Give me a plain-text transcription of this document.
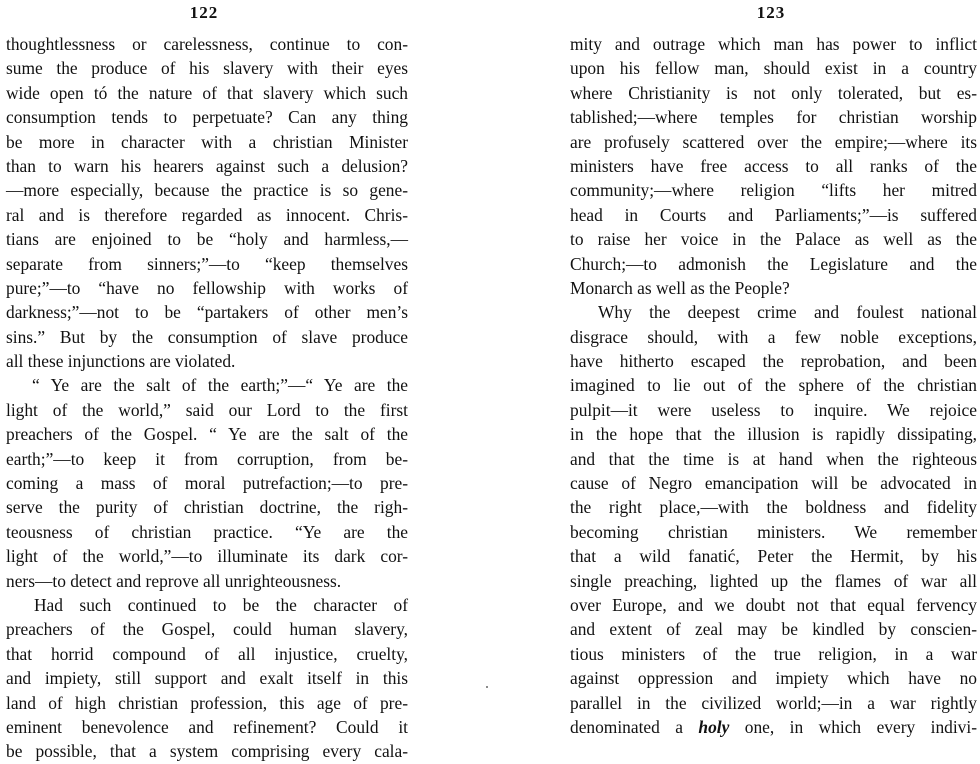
122
thoughtlessness or carelessness, continue to con-
sume the produce of his slavery with their eyes
wide open tó the nature of that slavery which such
consumption tends to perpetuate? Can any thing
be more in character with a christian Minister
than to warn his hearers against such a delusion?
—more especially, because the practice is so gene-
ral and is therefore regarded as innocent. Chris-
tians are enjoined to be “holy and harmless,—
separate from sinners;”—to “keep themselves
pure;”—to “have no fellowship with works of
darkness;”—not to be “partakers of other men’s
sins.” But by the consumption of slave produce
all these injunctions are violated.
“ Ye are the salt of the earth;”—“ Ye are the
light of the world,” said our Lord to the first
preachers of the Gospel. “ Ye are the salt of the
earth;”—to keep it from corruption, from be-
coming a mass of moral putrefaction;—to pre-
serve the purity of christian doctrine, the righ-
teousness of christian practice. “Ye are the
light of the world,”—to illuminate its dark cor-
ners—to detect and reprove all unrighteousness.
Had such continued to be the character of
preachers of the Gospel, could human slavery,
that horrid compound of all injustice, cruelty,
and impiety, still support and exalt itself in this
land of high christian profession, this age of pre-
eminent benevolence and refinement? Could it
be possible, that a system comprising every cala-
123
mity and outrage which man has power to inflict
upon his fellow man, should exist in a country
where Christianity is not only tolerated, but es-
tablished;—where temples for christian worship
are profusely scattered over the empire;—where its
ministers have free access to all ranks of the
community;—where religion “lifts her mitred
head in Courts and Parliaments;”—is suffered
to raise her voice in the Palace as well as the
Church;—to admonish the Legislature and the
Monarch as well as the People?
Why the deepest crime and foulest national
disgrace should, with a few noble exceptions,
have hitherto escaped the reprobation, and been
imagined to lie out of the sphere of the christian
pulpit—it were useless to inquire. We rejoice
in the hope that the illusion is rapidly dissipating,
and that the time is at hand when the righteous
cause of Negro emancipation will be advocated in
the right place,—with the boldness and fidelity
becoming christian ministers. We remember
that a wild fanatić, Peter the Hermit, by his
single preaching, lighted up the flames of war all
over Europe, and we doubt not that equal fervency
and extent of zeal may be kindled by conscien-
tious ministers of the true religion, in a war
against oppression and impiety which have no
parallel in the civilized world;—in a war rightly
denominated a holy one, in which every indivi-
